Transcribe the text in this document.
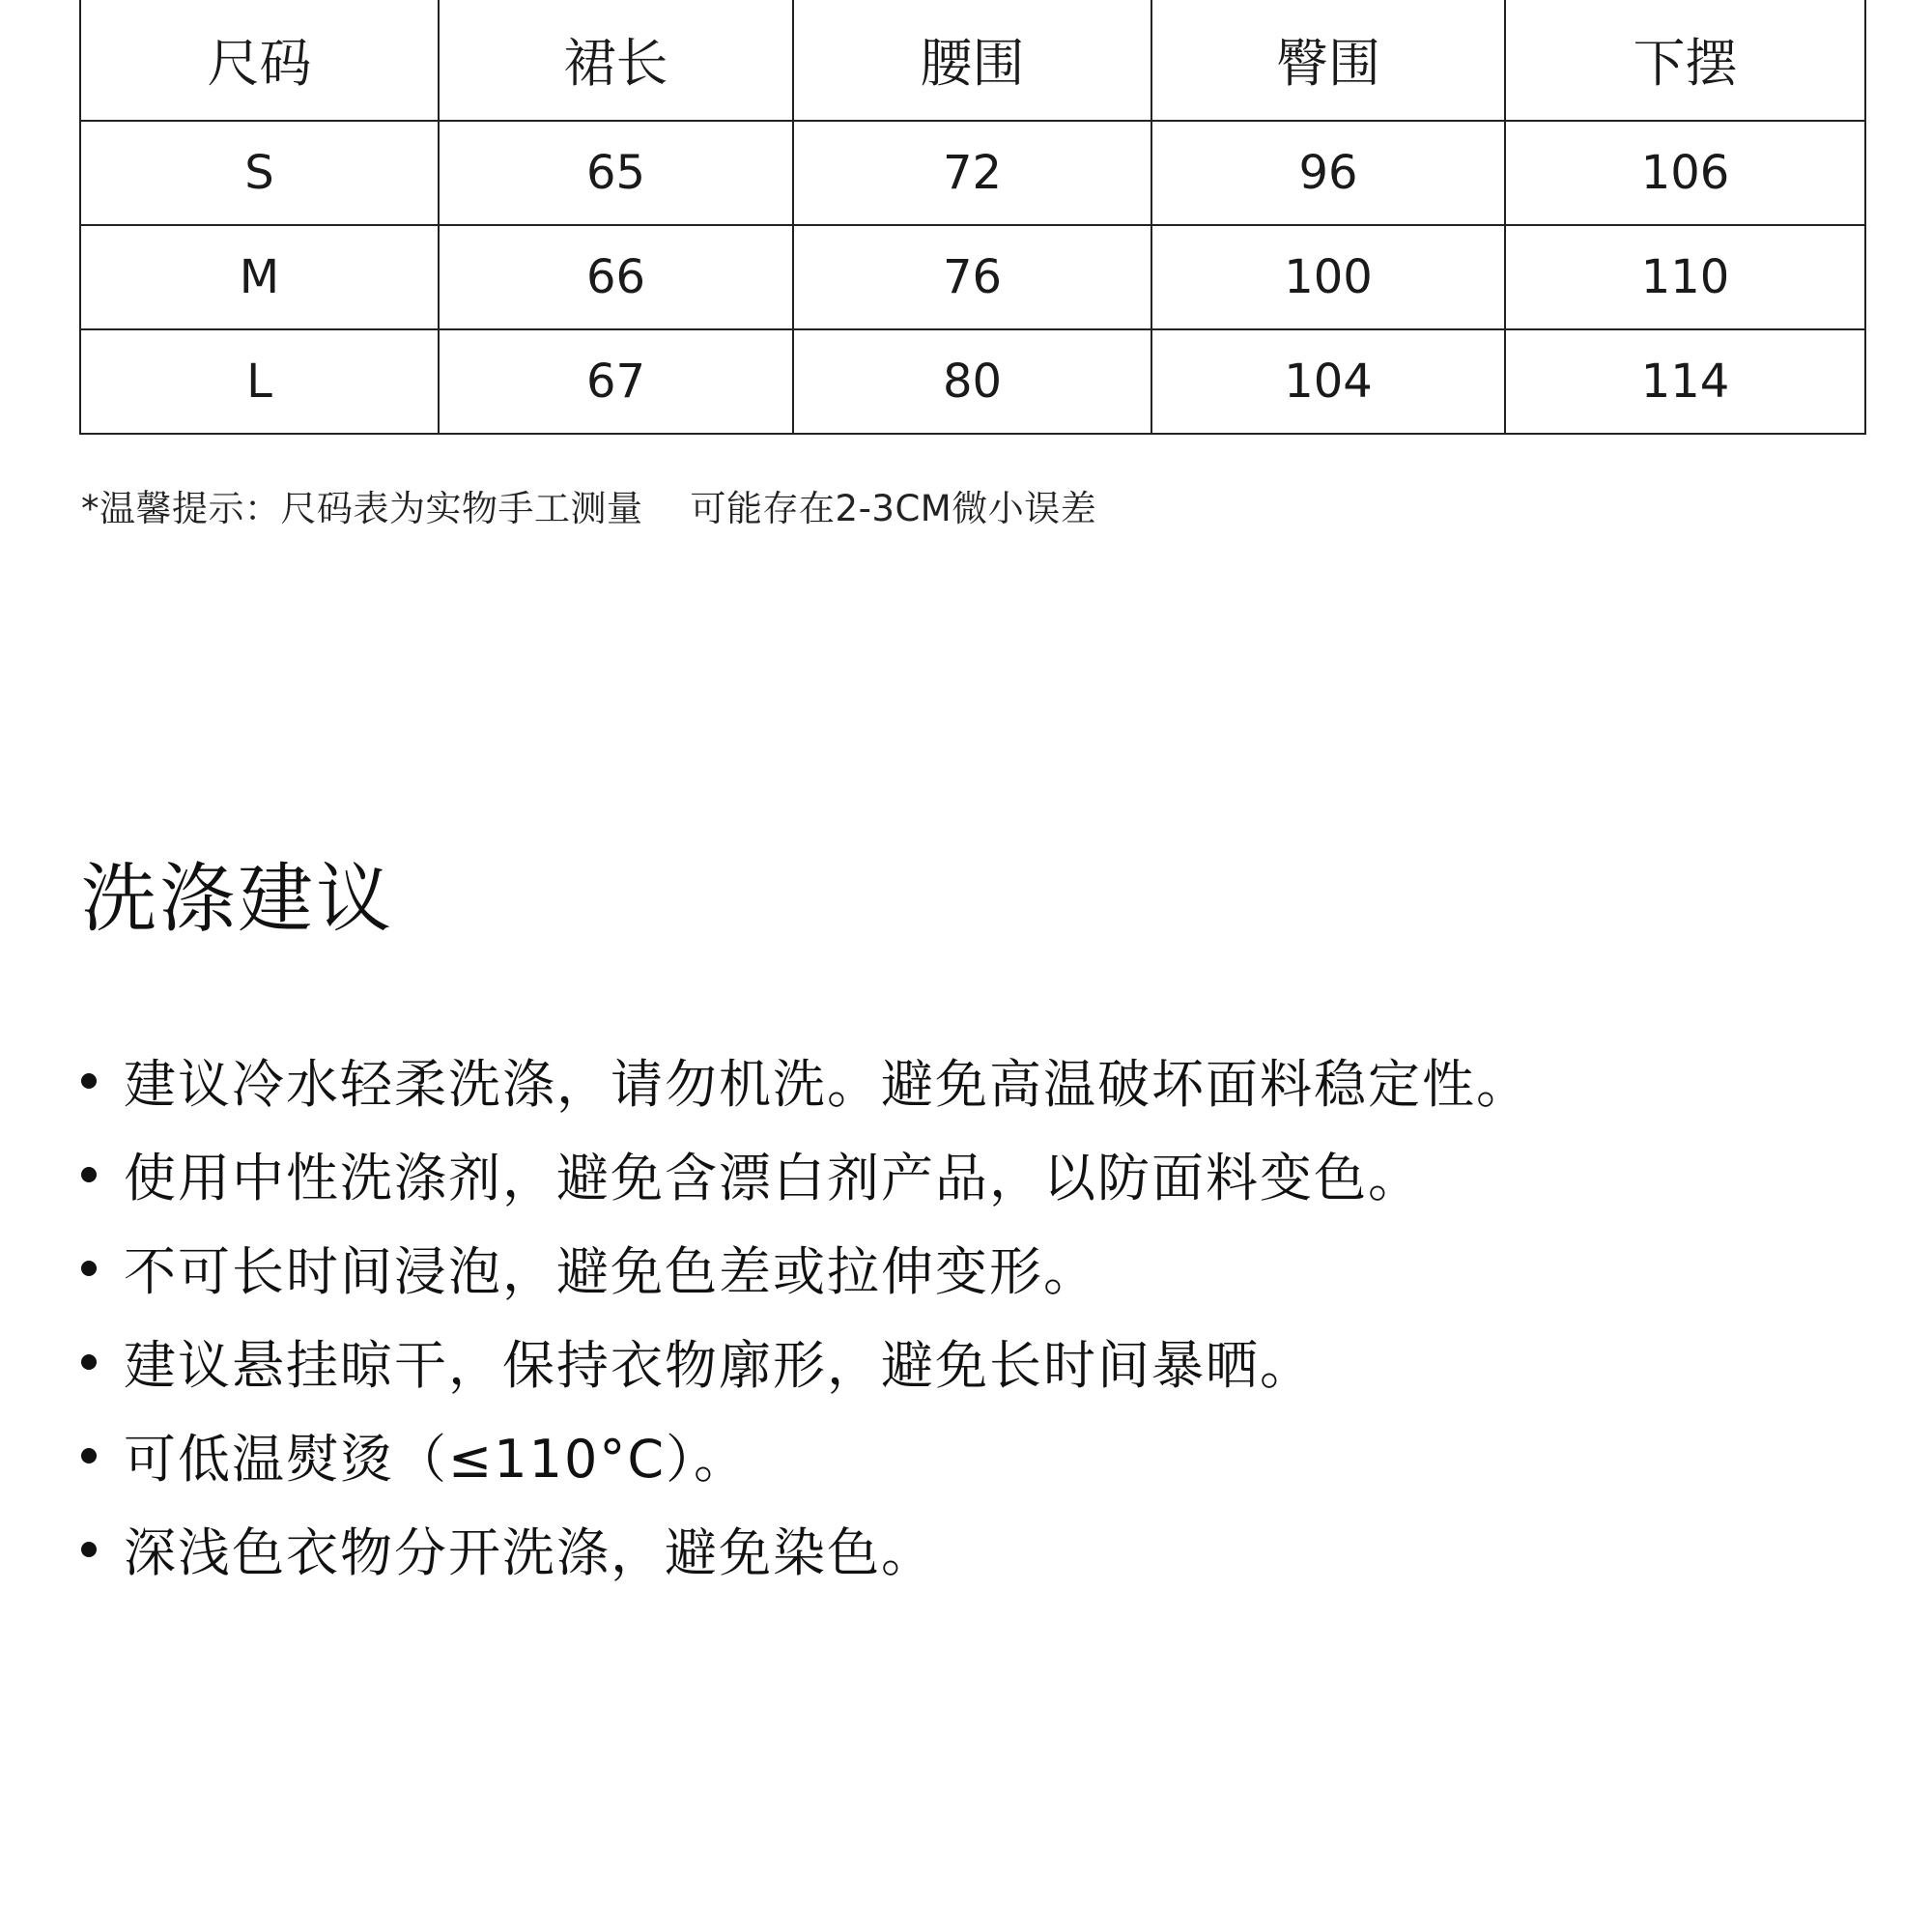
尺码	裙长	腰围	臀围	下摆
S	65	72	96	106
M	66	76	100	110
L	67	80	104	114
*温馨提示：尺码表为实物手工测量    可能存在2-3CM微小误差
洗涤建议
建议冷水轻柔洗涤，请勿机洗。避免高温破坏面料稳定性。
使用中性洗涤剂，避免含漂白剂产品，以防面料变色。
不可长时间浸泡，避免色差或拉伸变形。
建议悬挂晾干，保持衣物廓形，避免长时间暴晒。
可低温熨烫（≤110°C）。
深浅色衣物分开洗涤，避免染色。
